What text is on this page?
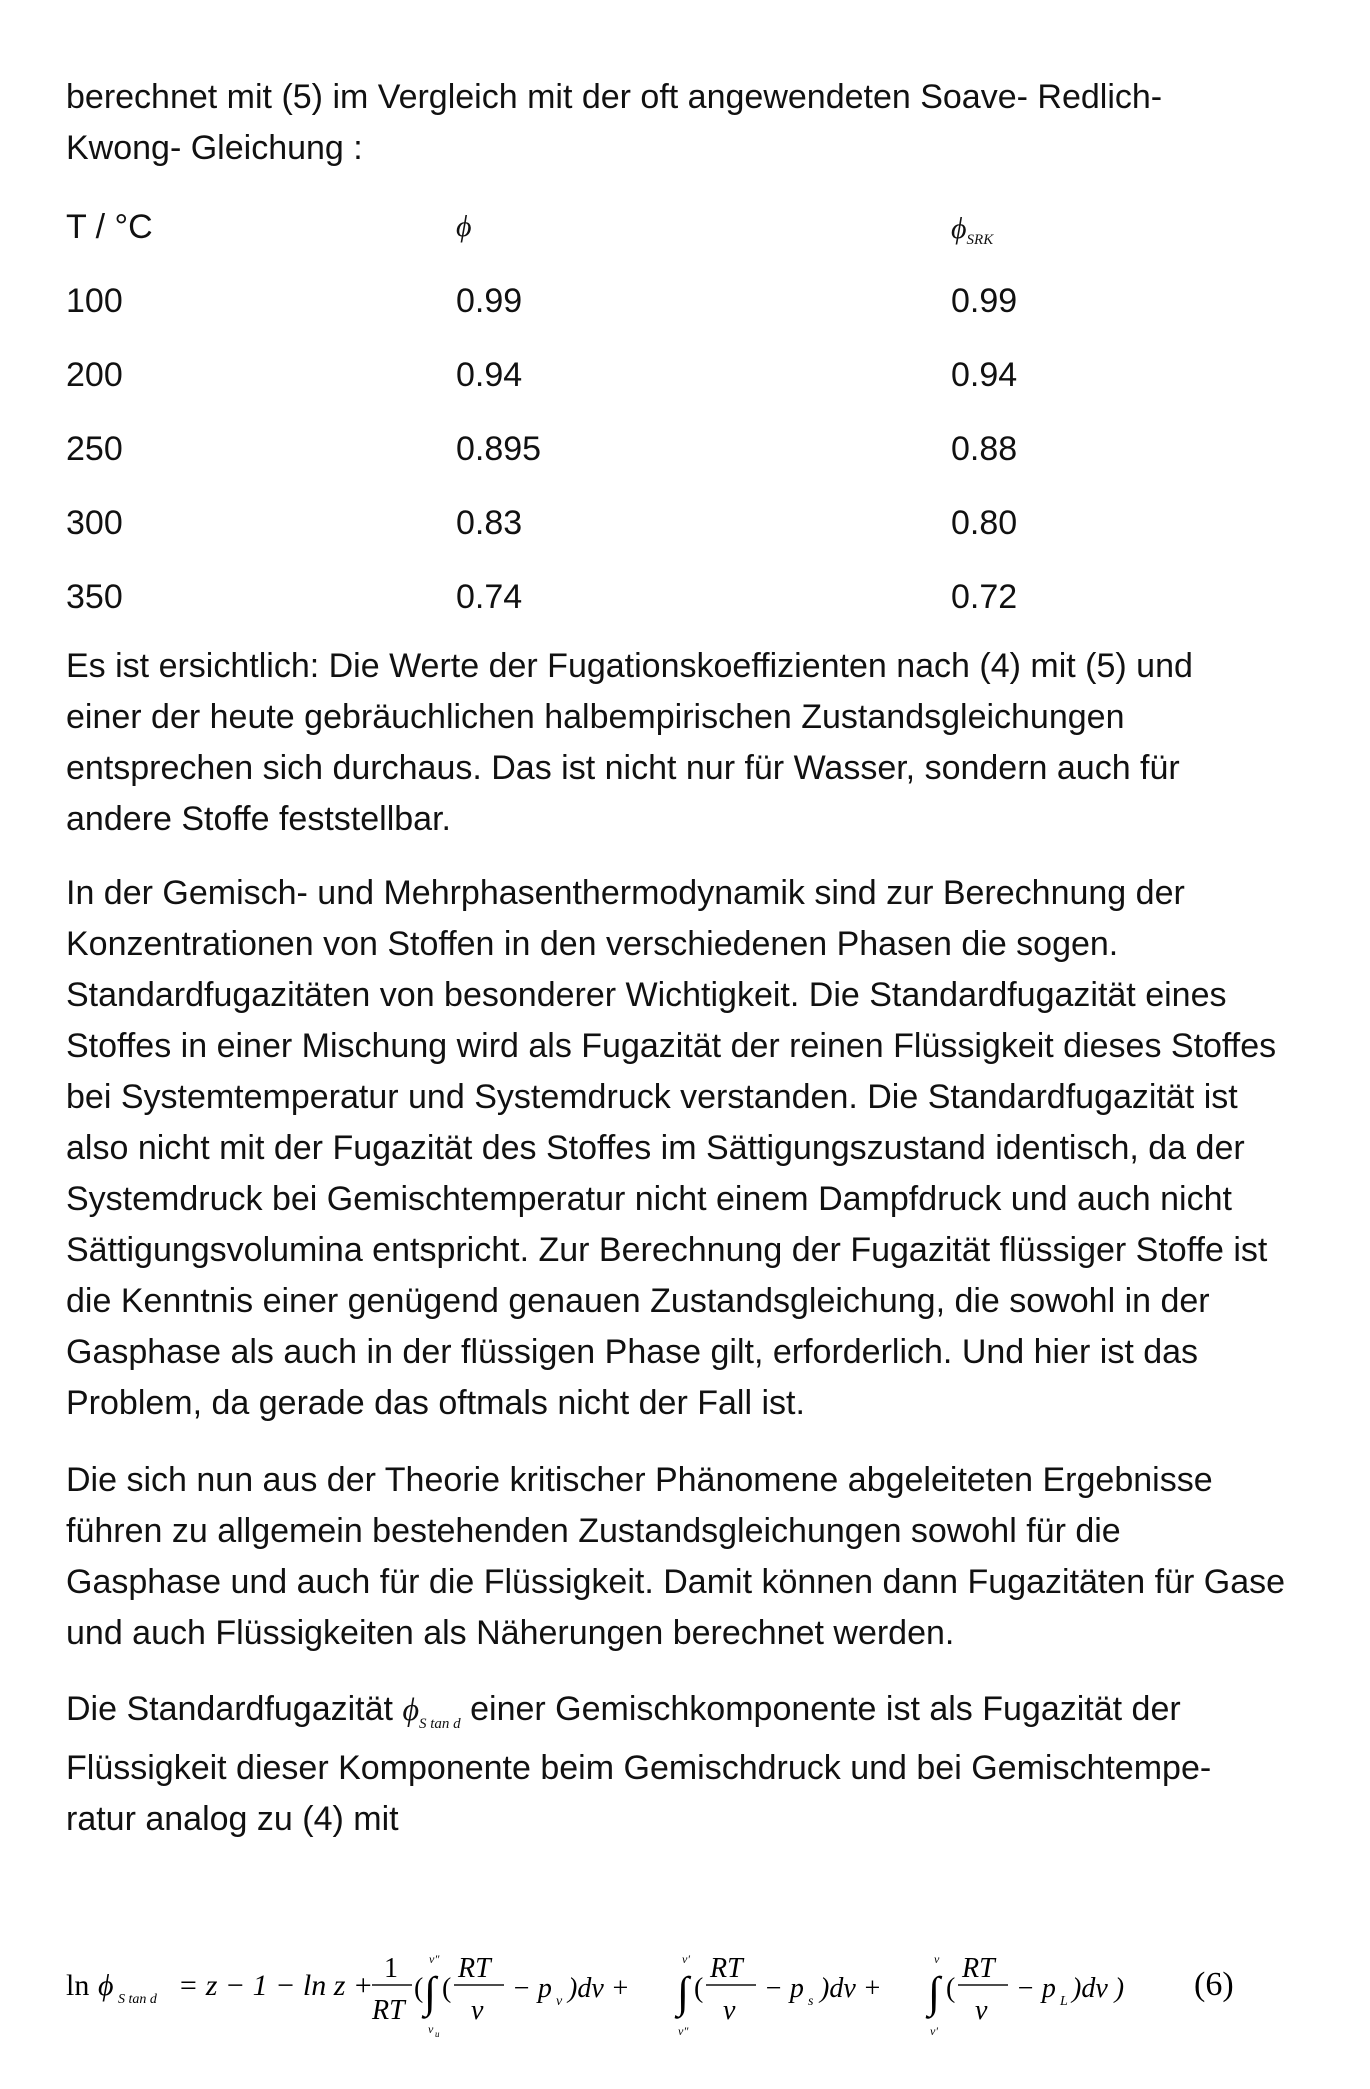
berechnet mit (5) im Vergleich mit der oft angewendeten Soave- Redlich-

Kwong- Gleichung :

T / °C	ϕ	$\phi_{SRK}$
100	0.99	0.99
200	0.94	0.94
250	0.895	0.88
300	0.83	0.80
350	0.74	0.72

Es ist ersichtlich: Die Werte der Fugationskoeffizienten nach (4) mit (5) und

einer der heute gebräuchlichen halbempirischen Zustandsgleichungen

entsprechen sich durchaus. Das ist nicht nur für Wasser, sondern auch für

andere Stoffe feststellbar.

In der Gemisch- und Mehrphasenthermodynamik sind zur Berechnung der

Konzentrationen von Stoffen in den verschiedenen Phasen die sogen.

Standardfugazitäten von besonderer Wichtigkeit. Die Standardfugazität eines

Stoffes in einer Mischung wird als Fugazität der reinen Flüssigkeit dieses Stoffes

bei Systemtemperatur und Systemdruck verstanden. Die Standardfugazität ist

also nicht mit der Fugazität des Stoffes im Sättigungszustand identisch, da der

Systemdruck bei Gemischtemperatur nicht einem Dampfdruck und auch nicht

Sättigungsvolumina entspricht. Zur Berechnung der Fugazität flüssiger Stoffe ist

die Kenntnis einer genügend genauen Zustandsgleichung, die sowohl in der

Gasphase als auch in der flüssigen Phase gilt, erforderlich. Und hier ist das

Problem, da gerade das oftmals nicht der Fall ist.

Die sich nun aus der Theorie kritischer Phänomene abgeleiteten Ergebnisse

führen zu allgemein bestehenden Zustandsgleichungen sowohl für die

Gasphase und auch für die Flüssigkeit. Damit können dann Fugazitäten für Gase

und auch Flüssigkeiten als Näherungen berechnet werden.

Die Standardfugazität $\phi_{S tan d}$ einer Gemischkomponente ist als Fugazität der

Flüssigkeit dieser Komponente beim Gemischdruck und bei Gemischtempe-

ratur analog zu (4) mit

ln ϕ S tan d = z − 1 − ln z +
1
RT
(
v"
∫
v u
(
RT
v
− p v )dv +
v'
∫
v"
(
RT
v
− p s )dv +
v
∫
v'
(
RT
v
− p L )dv ) (6)
